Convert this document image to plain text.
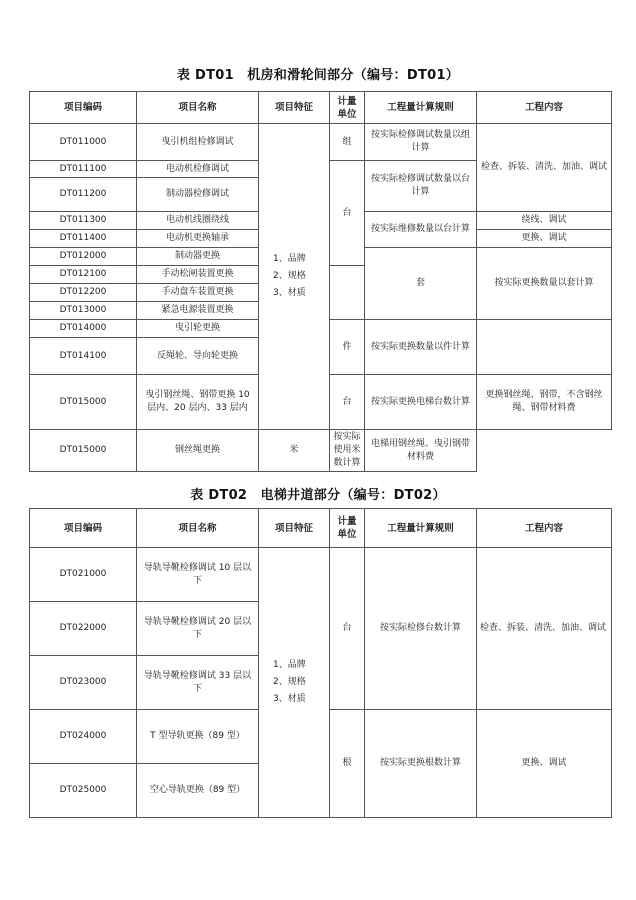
表 DT01　机房和滑轮间部分（编号：DT01）
项目编码	项目名称	项目特征	计量单位	工程量计算规则	工程内容	
DT011000	曳引机组检修调试	1、品牌
2、规格
3、材质	组	按实际检修调试数量以组计算	检查、拆装、清洗、加油、调试	
DT011100	电动机检修调试		台	按实际检修调试数量以台计算		
DT011200	制动器检修调试					
DT011300	电动机线圈绕线			按实际维修数量以台计算	绕线、调试	
DT011400	电动机更换轴承				更换、调试	
DT012000	制动器更换			套	按实际更换数量以套计算	
DT012100	手动松闸装置更换					
DT012200	手动盘车装置更换					
DT013000	紧急电源装置更换					
DT014000	曳引轮更换		件	按实际更换数量以件计算		
DT014100	反绳轮、导向轮更换					
DT015000	曳引钢丝绳、钢带更换 10 层内、20 层内、33 层内		台	按实际更换电梯台数计算	更换钢丝绳、钢带，不含钢丝绳、钢带材料费	
DT015000	钢丝绳更换	米	按实际使用米数计算	电梯用钢丝绳、曳引钢带材料费		
表 DT02　电梯井道部分（编号：DT02）
项目编码	项目名称	项目特征	计量单位	工程量计算规则	工程内容
DT021000	导轨导靴检修调试 10 层以下	1、品牌
2、规格
3、材质	台	按实际检修台数计算	检查、拆装、清洗、加油、调试
DT022000	导轨导靴检修调试 20 层以下				
DT023000	导轨导靴检修调试 33 层以下				
DT024000	T 型导轨更换（89 型）		根	按实际更换根数计算	更换、调试
DT025000	空心导轨更换（89 型）				
